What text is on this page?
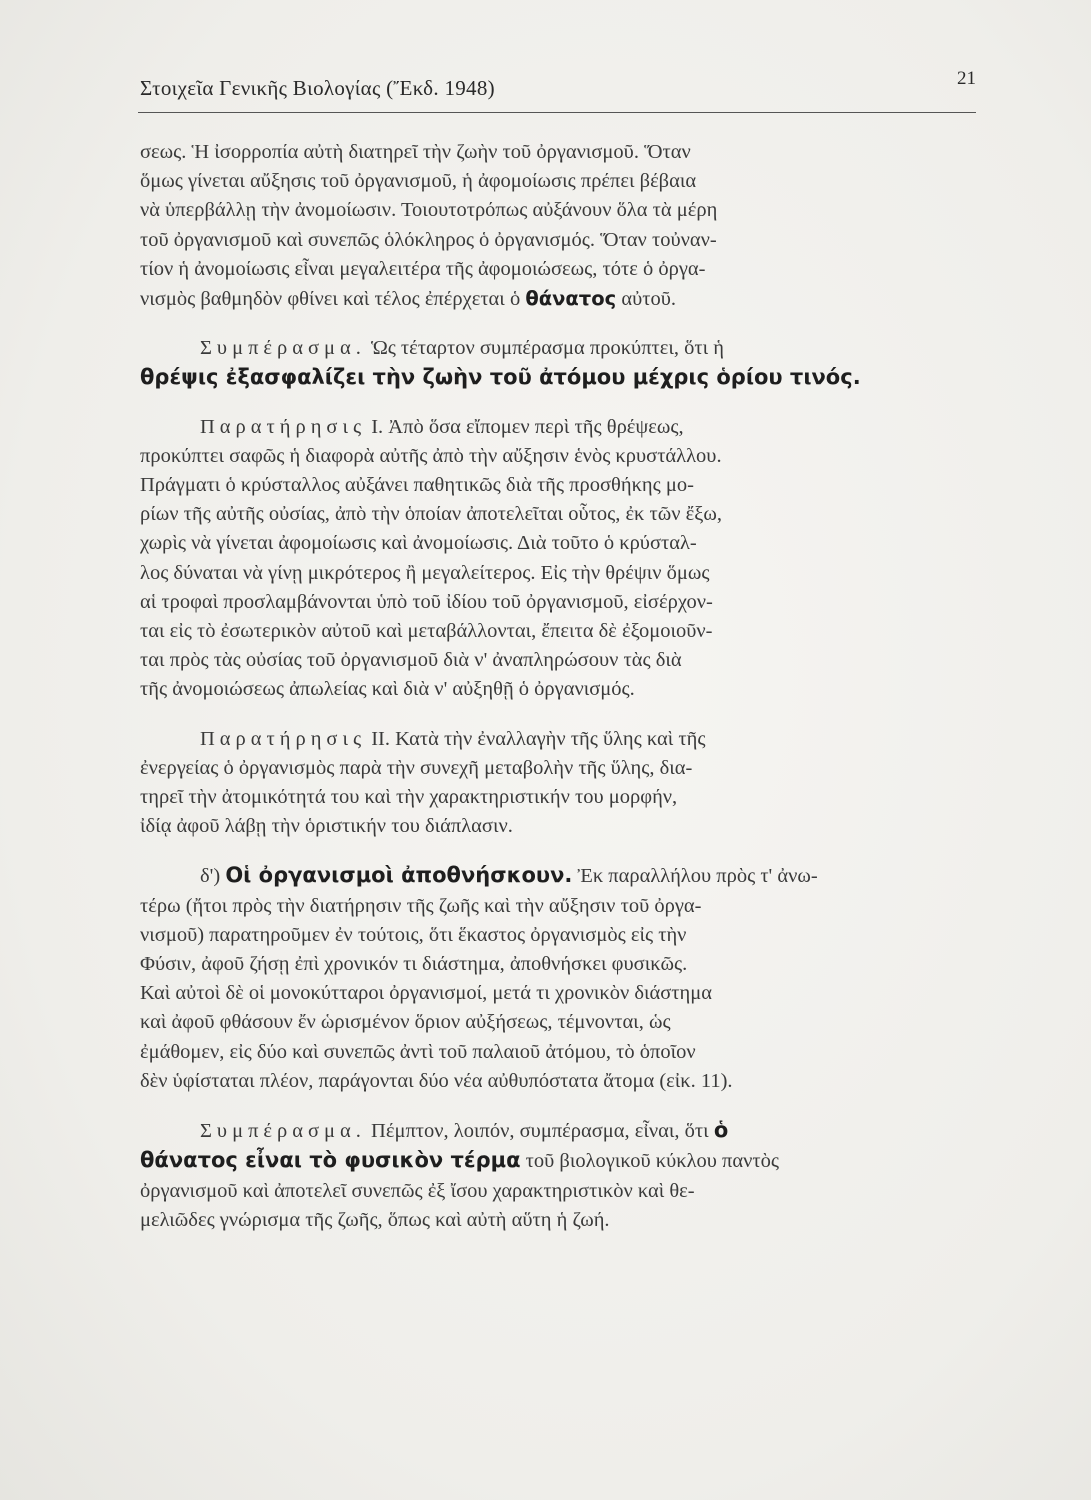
Στοιχεῖα Γενικῆς Βιολογίας (Ἔκδ. 1948)	21
σεως. Ἡ ἰσορροπία αὐτὴ διατηρεῖ τὴν ζωὴν τοῦ ὀργανισμοῦ. Ὅταν
ὅμως γίνεται αὔξησις τοῦ ὀργανισμοῦ, ἡ ἀφομοίωσις πρέπει βέβαια
νὰ ὑπερβάλλῃ τὴν ἀνομοίωσιν. Τοιουτοτρόπως αὐξάνουν ὅλα τὰ μέρη
τοῦ ὀργανισμοῦ καὶ συνεπῶς ὁλόκληρος ὁ ὀργανισμός. Ὅταν τοὐναν-
τίον ἡ ἀνομοίωσις εἶναι μεγαλειτέρα τῆς ἀφομοιώσεως, τότε ὁ ὀργα-
νισμὸς βαθμηδὸν φθίνει καὶ τέλος ἐπέρχεται ὁ θάνατος αὐτοῦ.
Συμπέρασμα. Ὡς τέταρτον συμπέρασμα προκύπτει, ὅτι ἡ
θρέψις ἐξασφαλίζει τὴν ζωὴν τοῦ ἀτόμου μέχρις ὁρίου τινός.
Παρατήρησις Ι. Ἀπὸ ὅσα εἴπομεν περὶ τῆς θρέψεως,
προκύπτει σαφῶς ἡ διαφορὰ αὐτῆς ἀπὸ τὴν αὔξησιν ἑνὸς κρυστάλλου.
Πράγματι ὁ κρύσταλλος αὐξάνει παθητικῶς διὰ τῆς προσθήκης μο-
ρίων τῆς αὐτῆς οὐσίας, ἀπὸ τὴν ὁποίαν ἀποτελεῖται οὗτος, ἐκ τῶν ἔξω,
χωρὶς νὰ γίνεται ἀφομοίωσις καὶ ἀνομοίωσις. Διὰ τοῦτο ὁ κρύσταλ-
λος δύναται νὰ γίνῃ μικρότερος ἢ μεγαλείτερος. Εἰς τὴν θρέψιν ὅμως
αἱ τροφαὶ προσλαμβάνονται ὑπὸ τοῦ ἰδίου τοῦ ὀργανισμοῦ, εἰσέρχον-
ται εἰς τὸ ἐσωτερικὸν αὐτοῦ καὶ μεταβάλλονται, ἔπειτα δὲ ἐξομοιοῦν-
ται πρὸς τὰς οὐσίας τοῦ ὀργανισμοῦ διὰ ν' ἀναπληρώσουν τὰς διὰ
τῆς ἀνομοιώσεως ἀπωλείας καὶ διὰ ν' αὐξηθῇ ὁ ὀργανισμός.
Παρατήρησις ΙΙ. Κατὰ τὴν ἐναλλαγὴν τῆς ὕλης καὶ τῆς
ἐνεργείας ὁ ὀργανισμὸς παρὰ τὴν συνεχῆ μεταβολὴν τῆς ὕλης, δια-
τηρεῖ τὴν ἀτομικότητά του καὶ τὴν χαρακτηριστικήν του μορφήν,
ἰδίᾳ ἀφοῦ λάβῃ τὴν ὁριστικήν του διάπλασιν.
δ') Οἱ ὀργανισμοὶ ἀποθνήσκουν. Ἐκ παραλλήλου πρὸς τ' ἀνω-
τέρω (ἤτοι πρὸς τὴν διατήρησιν τῆς ζωῆς καὶ τὴν αὔξησιν τοῦ ὀργα-
νισμοῦ) παρατηροῦμεν ἐν τούτοις, ὅτι ἕκαστος ὀργανισμὸς εἰς τὴν
Φύσιν, ἀφοῦ ζήσῃ ἐπὶ χρονικόν τι διάστημα, ἀποθνήσκει φυσικῶς.
Καὶ αὐτοὶ δὲ οἱ μονοκύτταροι ὀργανισμοί, μετά τι χρονικὸν διάστημα
καὶ ἀφοῦ φθάσουν ἔν ὡρισμένον ὅριον αὐξήσεως, τέμνονται, ὡς
ἐμάθομεν, εἰς δύο καὶ συνεπῶς ἀντὶ τοῦ παλαιοῦ ἀτόμου, τὸ ὁποῖον
δὲν ὑφίσταται πλέον, παράγονται δύο νέα αὐθυπόστατα ἄτομα (εἰκ. 11).
Συμπέρασμα. Πέμπτον, λοιπόν, συμπέρασμα, εἶναι, ὅτι ὁ
θάνατος εἶναι τὸ φυσικὸν τέρμα τοῦ βιολογικοῦ κύκλου παντὸς
ὀργανισμοῦ καὶ ἀποτελεῖ συνεπῶς ἐξ ἴσου χαρακτηριστικὸν καὶ θε-
μελιῶδες γνώρισμα τῆς ζωῆς, ὅπως καὶ αὐτὴ αὕτη ἡ ζωή.
